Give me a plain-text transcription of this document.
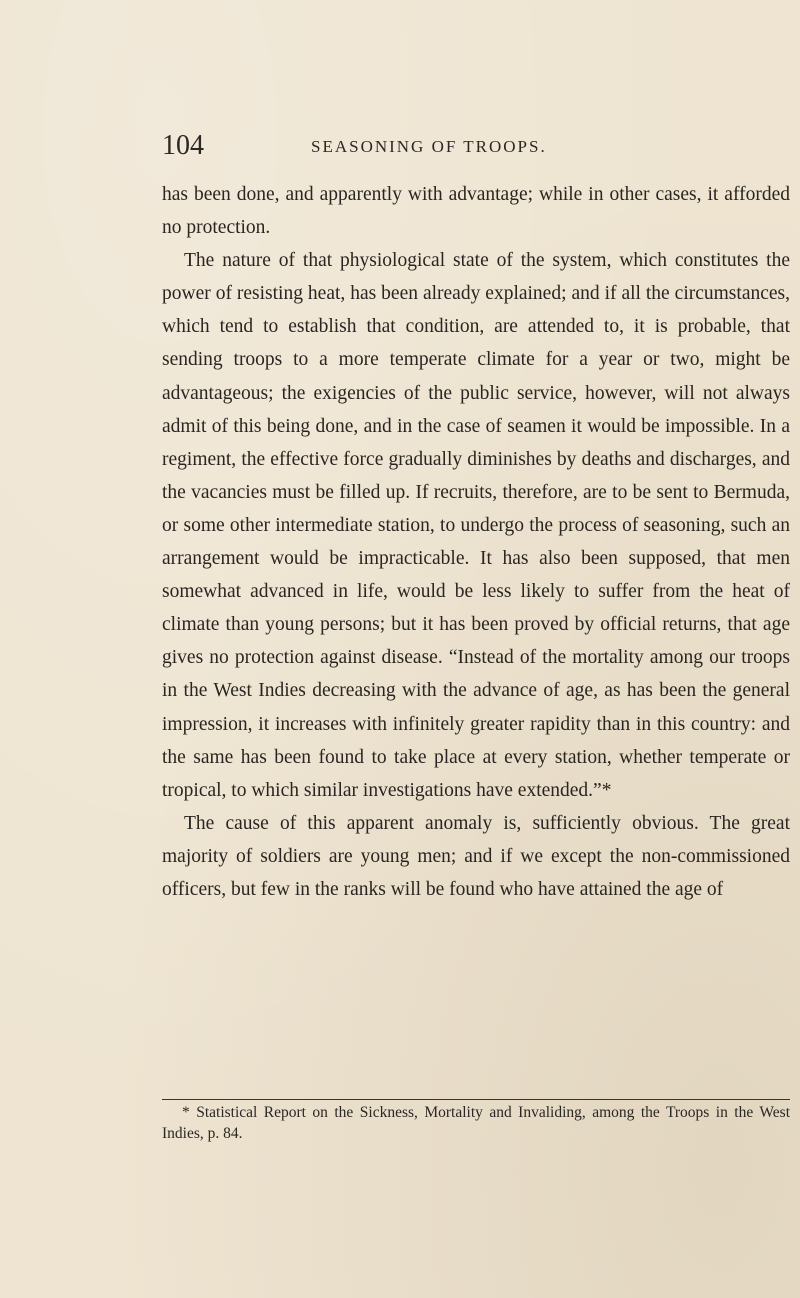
104	SEASONING OF TROOPS.

has been done, and apparently with advantage; while in other cases, it afforded no protection.

The nature of that physiological state of the system, which constitutes the power of resisting heat, has been already explained; and if all the circumstances, which tend to establish that condition, are attended to, it is probable, that sending troops to a more temperate climate for a year or two, might be advantageous; the exigencies of the public service, however, will not always admit of this being done, and in the case of seamen it would be impossible. In a regiment, the effective force gradually diminishes by deaths and discharges, and the vacancies must be filled up. If recruits, therefore, are to be sent to Bermuda, or some other intermediate station, to undergo the process of seasoning, such an arrangement would be impracticable. It has also been supposed, that men somewhat advanced in life, would be less likely to suffer from the heat of climate than young persons; but it has been proved by official returns, that age gives no protection against disease. “Instead of the mortality among our troops in the West Indies decreasing with the advance of age, as has been the general impression, it increases with infinitely greater rapidity than in this country: and the same has been found to take place at every station, whether temperate or tropical, to which similar investigations have extended.”*

The cause of this apparent anomaly is, sufficiently obvious. The great majority of soldiers are young men; and if we except the non-commissioned officers, but few in the ranks will be found who have attained the age of

* Statistical Report on the Sickness, Mortality and Invaliding, among the Troops in the West Indies, p. 84.
